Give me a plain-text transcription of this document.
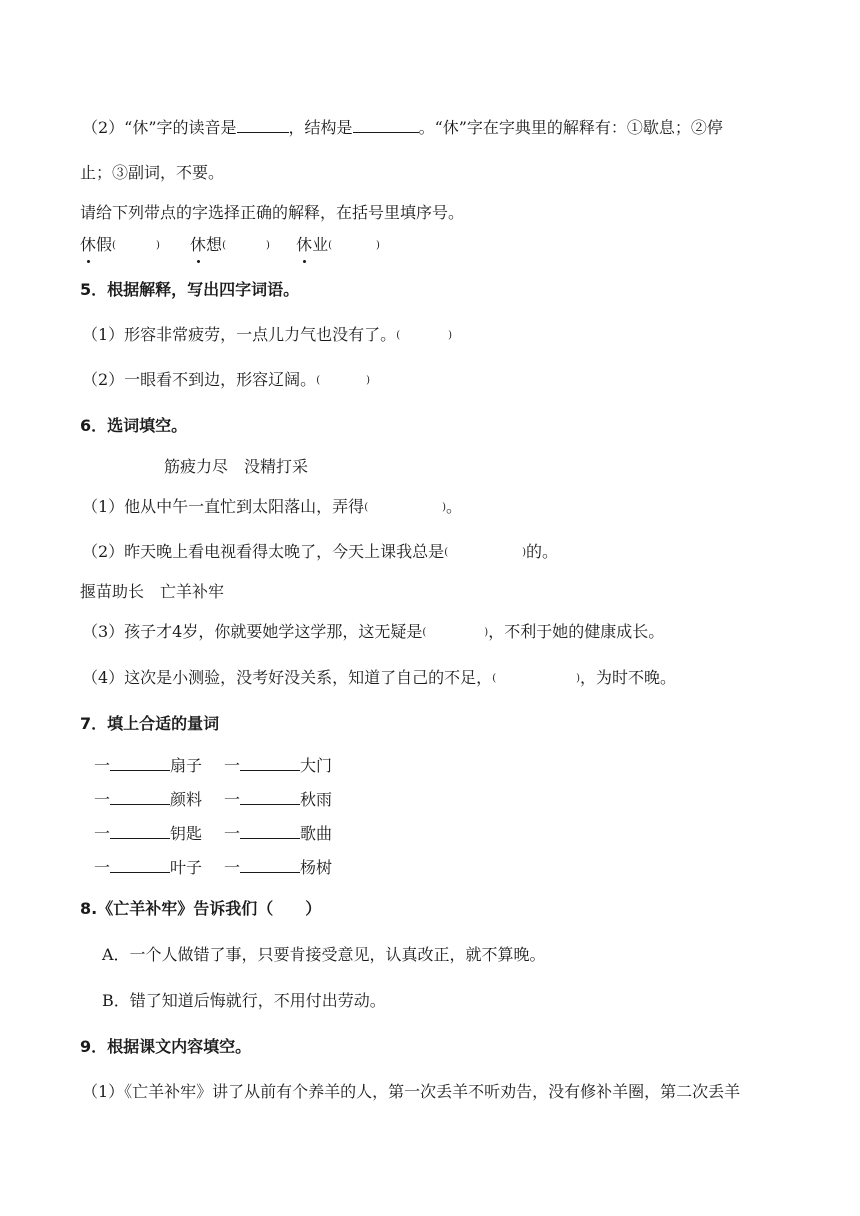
（2）“休”字的读音是	，结构是	。“休”字在字典里的解释有：①歇息；②停
止；③副词，不要。
请给下列带点的字选择正确的解释，在括号里填序号。
休假(	) 休想(	) 休业(	)
5．根据解释，写出四字词语。
（1）形容非常疲劳，一点儿力气也没有了。(	)
（2）一眼看不到边，形容辽阔。(	)
6．选词填空。
筋疲力尽　没精打采
（1）他从中午一直忙到太阳落山，弄得(	)。
（2）昨天晚上看电视看得太晚了，今天上课我总是(	)的。
揠苗助长　亡羊补牢
（3）孩子才4岁，你就要她学这学那，这无疑是(	)，不利于她的健康成长。
（4）这次是小测验，没考好没关系，知道了自己的不足，(	)，为时不晚。
7．填上合适的量词
一	扇子 一	大门
一	颜料 一	秋雨
一	钥匙 一	歌曲
一	叶子 一	杨树
8.《亡羊补牢》告诉我们（　　）
A．一个人做错了事，只要肯接受意见，认真改正，就不算晚。
B．错了知道后悔就行，不用付出劳动。
9．根据课文内容填空。
（1）《亡羊补牢》讲了从前有个养羊的人，第一次丢羊不听劝告，没有修补羊圈，第二次丢羊
